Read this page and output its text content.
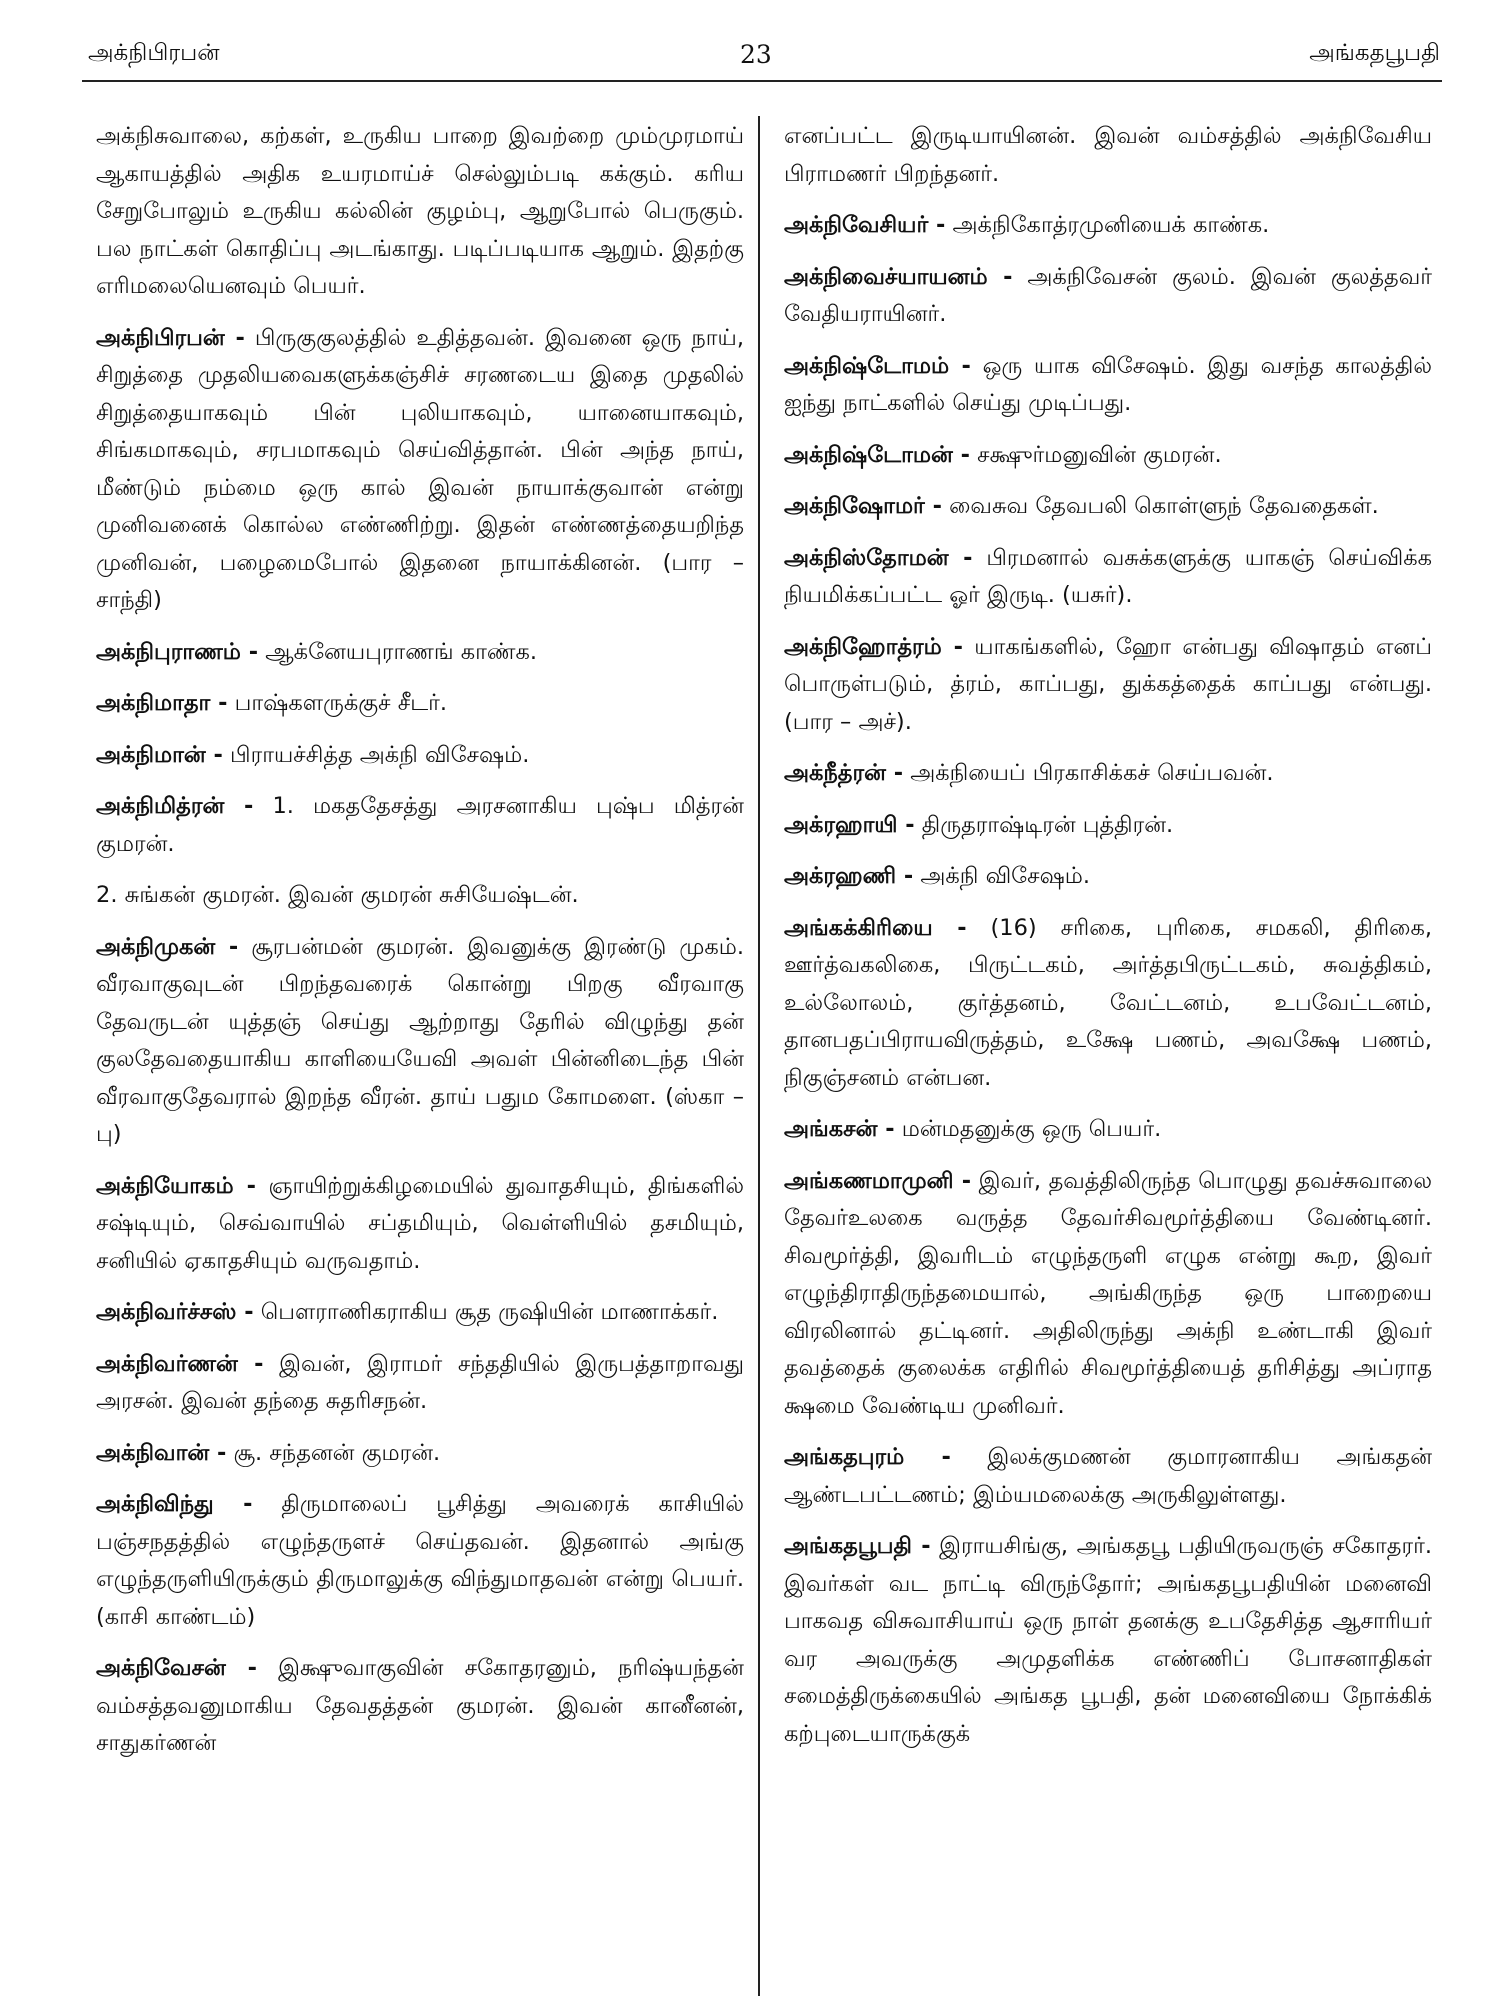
அக்நிபிரபன்	23	அங்கதபூபதி

அக்நிசுவாலை, கற்கள், உருகிய பாறை இவற்றை மும்முரமாய் ஆகாயத்தில் அதிக உயரமாய்ச் செல்லும்படி கக்கும். கரிய சேறுபோலும் உருகிய கல்லின் குழம்பு, ஆறுபோல் பெருகும். பல நாட்கள் கொதிப்பு அடங்காது. படிப்படியாக ஆறும். இதற்கு எரிமலையெனவும் பெயர்.

அக்நிபிரபன் - பிருகுகுலத்தில் உதித்தவன். இவனை ஒரு நாய், சிறுத்தை முதலியவைகளுக்கஞ்சிச் சரணடைய இதை முதலில் சிறுத்தையாகவும் பின் புலியாகவும், யானையாகவும், சிங்கமாகவும், சரபமாகவும் செய்வித்தான். பின் அந்த நாய், மீண்டும் நம்மை ஒரு கால் இவன் நாயாக்குவான் என்று முனிவனைக் கொல்ல எண்ணிற்று. இதன் எண்ணத்தையறிந்த முனிவன், பழைமைபோல் இதனை நாயாக்கினன். (பார – சாந்தி)

அக்நிபுராணம் - ஆக்னேயபுராணங் காண்க.

அக்நிமாதா - பாஷ்களருக்குச் சீடர்.

அக்நிமான் - பிராயச்சித்த அக்நி விசேஷம்.

அக்நிமித்ரன் - 1. மகததேசத்து அரசனாகிய புஷ்ப மித்ரன் குமரன்.

2. சுங்கன் குமரன். இவன் குமரன் சுசியேஷ்டன்.

அக்நிமுகன் - சூரபன்மன் குமரன். இவனுக்கு இரண்டு முகம். வீரவாகுவுடன் பிறந்தவரைக் கொன்று பிறகு வீரவாகு தேவருடன் யுத்தஞ் செய்து ஆற்றாது தேரில் விழுந்து தன் குலதேவதையாகிய காளியையேவி அவள் பின்னிடைந்த பின் வீரவாகுதேவரால் இறந்த வீரன். தாய் பதும கோமளை. (ஸ்கா – பு)

அக்நியோகம் - ஞாயிற்றுக்கிழமையில் துவாதசியும், திங்களில் சஷ்டியும், செவ்வாயில் சப்தமியும், வெள்ளியில் தசமியும், சனியில் ஏகாதசியும் வருவதாம்.

அக்நிவர்ச்சஸ் - பௌராணிகராகிய சூத ருஷியின் மாணாக்கர்.

அக்நிவர்ணன் - இவன், இராமர் சந்ததியில் இருபத்தாறாவது அரசன். இவன் தந்தை சுதரிசநன்.

அக்நிவான் - சூ. சந்தனன் குமரன்.

அக்நிவிந்து - திருமாலைப் பூசித்து அவரைக் காசியில் பஞ்சநதத்தில் எழுந்தருளச் செய்தவன். இதனால் அங்கு எழுந்தருளியிருக்கும் திருமாலுக்கு விந்துமாதவன் என்று பெயர். (காசி காண்டம்)

அக்நிவேசன் - இக்ஷுவாகுவின் சகோதரனும், நரிஷ்யந்தன் வம்சத்தவனுமாகிய தேவதத்தன் குமரன். இவன் கானீனன், சாதுகர்ணன்

எனப்பட்ட இருடியாயினன். இவன் வம்சத்தில் அக்நிவேசிய பிராமணர் பிறந்தனர்.

அக்நிவேசியர் - அக்நிகோத்ரமுனியைக் காண்க.

அக்நிவைச்யாயனம் - அக்நிவேசன் குலம். இவன் குலத்தவர் வேதியராயினர்.

அக்நிஷ்டோமம் - ஒரு யாக விசேஷம். இது வசந்த காலத்தில் ஐந்து நாட்களில் செய்து முடிப்பது.

அக்நிஷ்டோமன் - சக்ஷுர்மனுவின் குமரன்.

அக்நிஷோமர் - வைசுவ தேவபலி கொள்ளுந் தேவதைகள்.

அக்நிஸ்தோமன் - பிரமனால் வசுக்களுக்கு யாகஞ் செய்விக்க நியமிக்கப்பட்ட ஓர் இருடி. (யசுர்).

அக்நிஹோத்ரம் - யாகங்களில், ஹோ என்பது விஷாதம் எனப் பொருள்படும், த்ரம், காப்பது, துக்கத்தைக் காப்பது என்பது. (பார – அச்).

அக்நீத்ரன் - அக்நியைப் பிரகாசிக்கச் செய்பவன்.

அக்ரஹாயி - திருதராஷ்டிரன் புத்திரன்.

அக்ரஹணி - அக்நி விசேஷம்.

அங்கக்கிரியை - (16) சரிகை, புரிகை, சமகலி, திரிகை, ஊர்த்வகலிகை, பிருட்டகம், அர்த்தபிருட்டகம், சுவத்திகம், உல்லோலம், குர்த்தனம், வேட்டனம், உபவேட்டனம், தானபதப்பிராயவிருத்தம், உக்ஷே பணம், அவக்ஷே பணம், நிகுஞ்சனம் என்பன.

அங்கசன் - மன்மதனுக்கு ஒரு பெயர்.

அங்கணமாமுனி - இவர், தவத்திலிருந்த பொழுது தவச்சுவாலை தேவர்உலகை வருத்த தேவர்சிவமூர்த்தியை வேண்டினர். சிவமூர்த்தி, இவரிடம் எழுந்தருளி எழுக என்று கூற, இவர் எழுந்திராதிருந்தமையால், அங்கிருந்த ஒரு பாறையை விரலினால் தட்டினர். அதிலிருந்து அக்நி உண்டாகி இவர் தவத்தைக் குலைக்க எதிரில் சிவமூர்த்தியைத் தரிசித்து அப்ராத க்ஷமை வேண்டிய முனிவர்.

அங்கதபுரம் - இலக்குமணன் குமாரனாகிய அங்கதன் ஆண்டபட்டணம்; இம்யமலைக்கு அருகிலுள்ளது.

அங்கதபூபதி - இராயசிங்கு, அங்கதபூ பதியிருவருஞ் சகோதரர். இவர்கள் வட நாட்டி விருந்தோர்; அங்கதபூபதியின் மனைவி பாகவத விசுவாசியாய் ஒரு நாள் தனக்கு உபதேசித்த ஆசாரியர் வர அவருக்கு அமுதளிக்க எண்ணிப் போசனாதிகள் சமைத்திருக்கையில் அங்கத பூபதி, தன் மனைவியை நோக்கிக் கற்புடையாருக்குக்
